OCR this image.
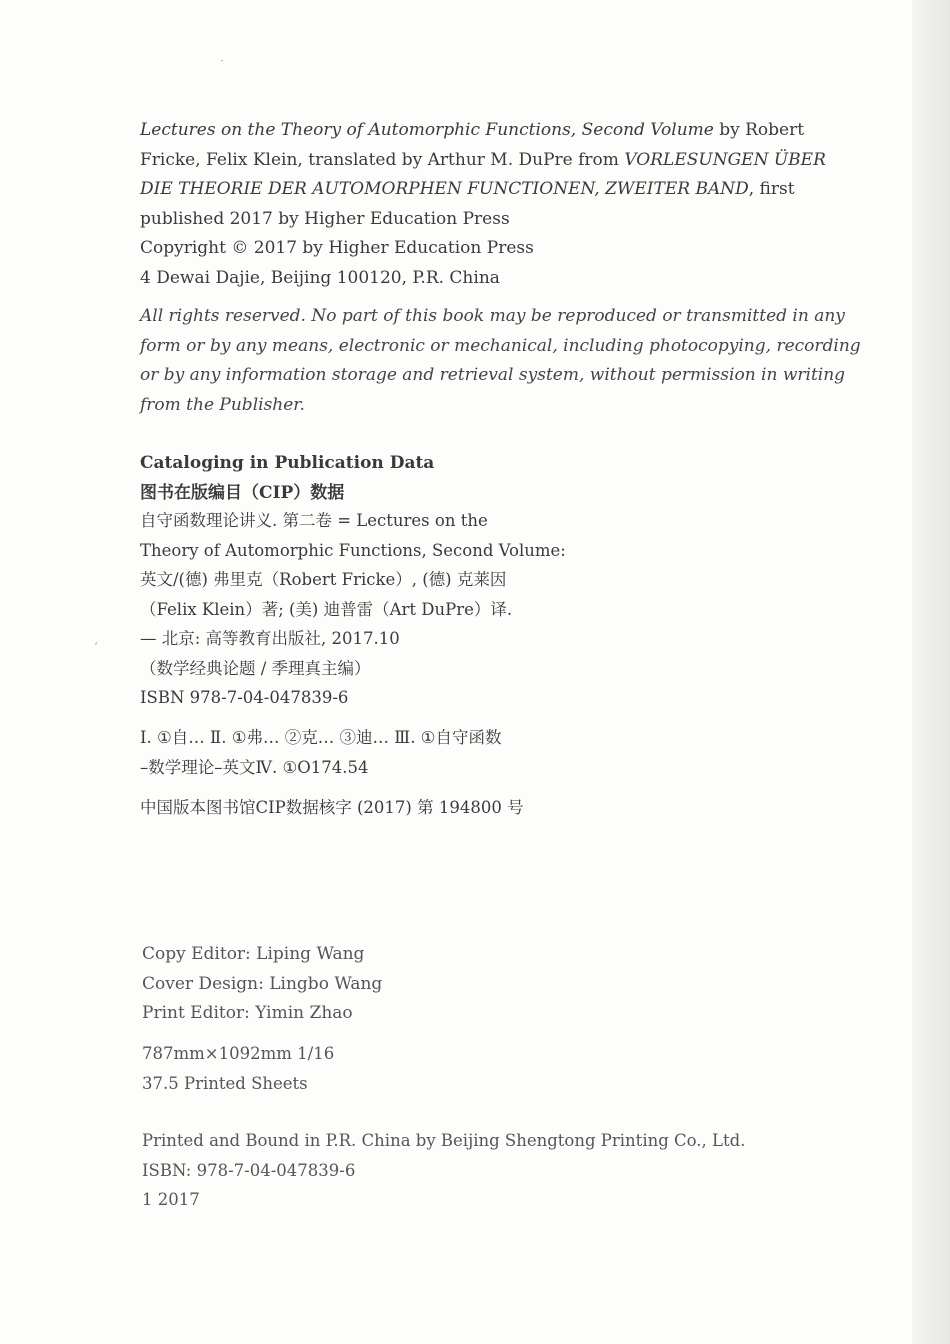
·
ʻ
Lectures on the Theory of Automorphic Functions, Second Volume by Robert
Fricke, Felix Klein, translated by Arthur M. DuPre from VORLESUNGEN ÜBER
DIE THEORIE DER AUTOMORPHEN FUNCTIONEN, ZWEITER BAND, first
published 2017 by Higher Education Press
Copyright © 2017 by Higher Education Press
4 Dewai Dajie, Beijing 100120, P.R. China
All rights reserved. No part of this book may be reproduced or transmitted in any
form or by any means, electronic or mechanical, including photocopying, recording
or by any information storage and retrieval system, without permission in writing
from the Publisher.
Cataloging in Publication Data
图书在版编目（CIP）数据
自守函数理论讲义. 第二卷 = Lectures on the
Theory of Automorphic Functions, Second Volume:
英文/(德) 弗里克（Robert Fricke）, (德) 克莱因
（Felix Klein）著; (美) 迪普雷（Art DuPre）译.
— 北京: 高等教育出版社, 2017.10
（数学经典论题 / 季理真主编）
ISBN 978-7-04-047839-6
Ⅰ. ①自… Ⅱ. ①弗… ②克… ③迪… Ⅲ. ①自守函数
–数学理论–英文Ⅳ. ①O174.54
中国版本图书馆CIP数据核字 (2017) 第 194800 号
Copy Editor: Liping Wang
Cover Design: Lingbo Wang
Print Editor: Yimin Zhao
787mm×1092mm 1/16
37.5 Printed Sheets
Printed and Bound in P.R. China by Beijing Shengtong Printing Co., Ltd.
ISBN: 978-7-04-047839-6
1 2017
